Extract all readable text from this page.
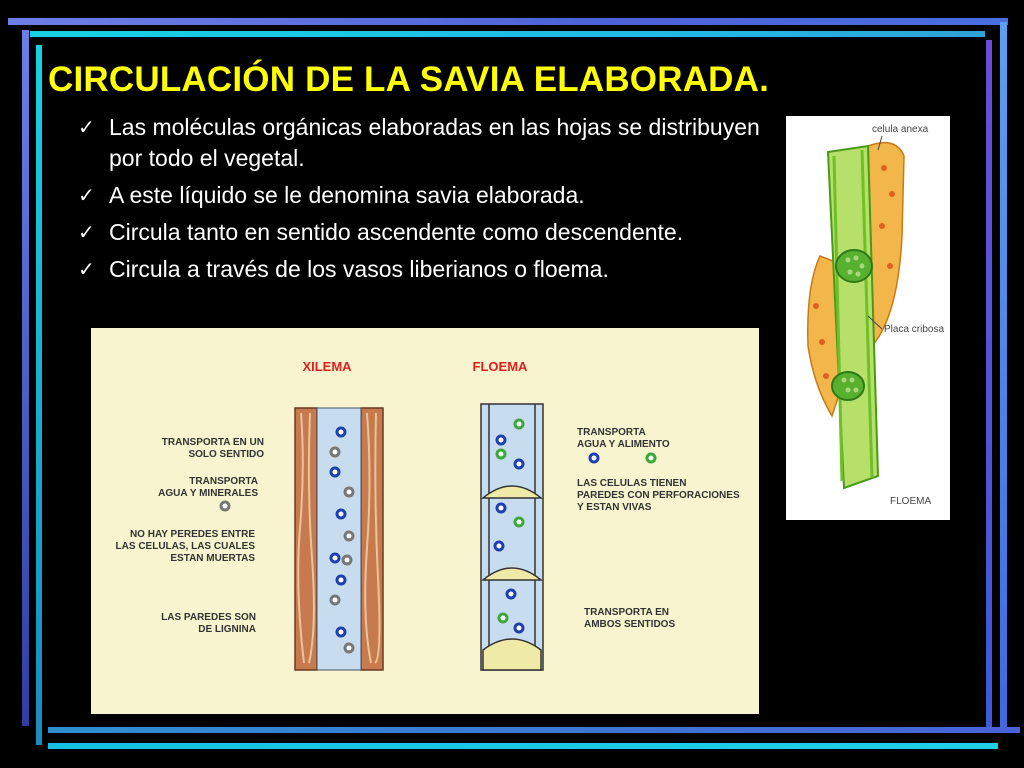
CIRCULACIÓN DE LA SAVIA ELABORADA.
✓ Las moléculas orgánicas elaboradas en las hojas se distribuyen por todo el vegetal.
✓ A este líquido se le denomina savia elaborada.
✓ Circula tanto en sentido ascendente como descendente.
✓ Circula a través de los vasos liberianos o floema.
XILEMA	FLOEMA
TRANSPORTA EN UN
SOLO SENTIDO
TRANSPORTA
AGUA Y MINERALES
NO HAY PEREDES ENTRE
LAS CELULAS, LAS CUALES
ESTAN MUERTAS
LAS PAREDES SON
DE LIGNINA
TRANSPORTA
AGUA Y ALIMENTO
LAS CELULAS TIENEN
PAREDES CON PERFORACIONES
Y ESTAN VIVAS
TRANSPORTA EN
AMBOS SENTIDOS
celula anexa
Placa cribosa
FLOEMA
